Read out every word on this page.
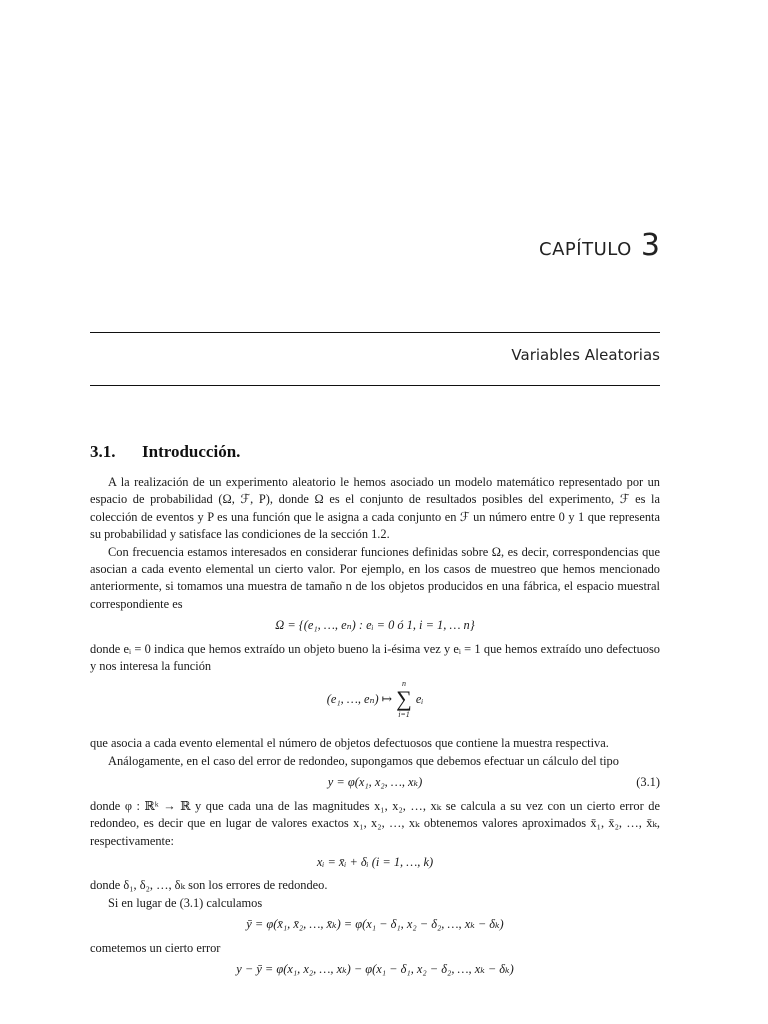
CAPÍTULO 3
Variables Aleatorias
3.1. Introducción.

A la realización de un experimento aleatorio le hemos asociado un modelo matemático representado por un espacio de probabilidad (Ω, ℱ, P), donde Ω es el conjunto de resultados posibles del experimento, ℱ es la colección de eventos y P es una función que le asigna a cada conjunto en ℱ un número entre 0 y 1 que representa su probabilidad y satisface las condiciones de la sección 1.2.

Con frecuencia estamos interesados en considerar funciones definidas sobre Ω, es decir, correspondencias que asocian a cada evento elemental un cierto valor. Por ejemplo, en los casos de muestreo que hemos mencionado anteriormente, si tomamos una muestra de tamaño n de los objetos producidos en una fábrica, el espacio muestral correspondiente es

Ω = {(e₁, …, eₙ) : eᵢ = 0 ó 1, i = 1, … n}

donde eᵢ = 0 indica que hemos extraído un objeto bueno la i-ésima vez y eᵢ = 1 que hemos extraído uno defectuoso y nos interesa la función

(e₁, …, eₙ) ↦
n
∑
i=1
eᵢ

que asocia a cada evento elemental el número de objetos defectuosos que contiene la muestra respectiva.

Análogamente, en el caso del error de redondeo, supongamos que debemos efectuar un cálculo del tipo

y = φ(x₁, x₂, …, xₖ)	(3.1)

donde φ : ℝᵏ → ℝ y que cada una de las magnitudes x₁, x₂, …, xₖ se calcula a su vez con un cierto error de redondeo, es decir que en lugar de valores exactos x₁, x₂, …, xₖ obtenemos valores aproximados x̄₁, x̄₂, …, x̄ₖ, respectivamente:

xᵢ = x̄ᵢ + δᵢ (i = 1, …, k)

donde δ₁, δ₂, …, δₖ son los errores de redondeo.

Si en lugar de (3.1) calculamos

ȳ = φ(x̄₁, x̄₂, …, x̄ₖ) = φ(x₁ − δ₁, x₂ − δ₂, …, xₖ − δₖ)

cometemos un cierto error

y − ȳ = φ(x₁, x₂, …, xₖ) − φ(x₁ − δ₁, x₂ − δ₂, …, xₖ − δₖ)
